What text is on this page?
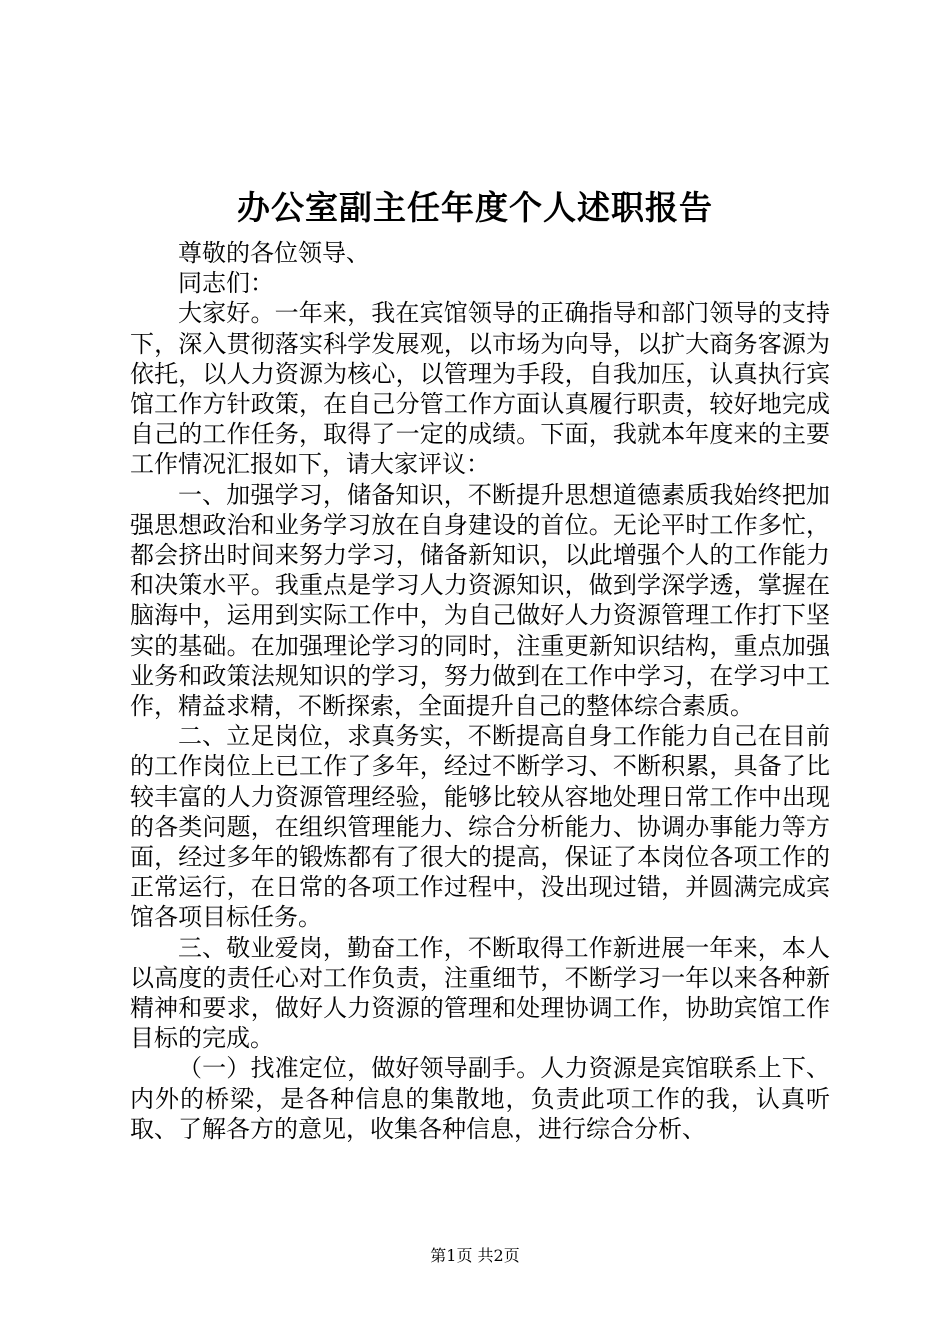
办公室副主任年度个人述职报告

尊敬的各位领导、

同志们：

大家好。一年来，我在宾馆领导的正确指导和部门领导的支持下，深入贯彻落实科学发展观，以市场为向导，以扩大商务客源为依托，以人力资源为核心，以管理为手段，自我加压，认真执行宾馆工作方针政策，在自己分管工作方面认真履行职责，较好地完成自己的工作任务，取得了一定的成绩。下面，我就本年度来的主要工作情况汇报如下，请大家评议：

一、加强学习，储备知识，不断提升思想道德素质我始终把加强思想政治和业务学习放在自身建设的首位。无论平时工作多忙，都会挤出时间来努力学习，储备新知识，以此增强个人的工作能力和决策水平。我重点是学习人力资源知识，做到学深学透，掌握在脑海中，运用到实际工作中，为自己做好人力资源管理工作打下坚实的基础。在加强理论学习的同时，注重更新知识结构，重点加强业务和政策法规知识的学习，努力做到在工作中学习，在学习中工作，精益求精，不断探索，全面提升自己的整体综合素质。

二、立足岗位，求真务实，不断提高自身工作能力自己在目前的工作岗位上已工作了多年，经过不断学习、不断积累，具备了比较丰富的人力资源管理经验，能够比较从容地处理日常工作中出现的各类问题，在组织管理能力、综合分析能力、协调办事能力等方面，经过多年的锻炼都有了很大的提高，保证了本岗位各项工作的正常运行，在日常的各项工作过程中，没出现过错，并圆满完成宾馆各项目标任务。

三、敬业爱岗，勤奋工作，不断取得工作新进展一年来，本人以高度的责任心对工作负责，注重细节，不断学习一年以来各种新精神和要求，做好人力资源的管理和处理协调工作，协助宾馆工作目标的完成。

（一）找准定位，做好领导副手。人力资源是宾馆联系上下、内外的桥梁，是各种信息的集散地，负责此项工作的我，认真听取、了解各方的意见，收集各种信息，进行综合分析、

第1页 共2页
